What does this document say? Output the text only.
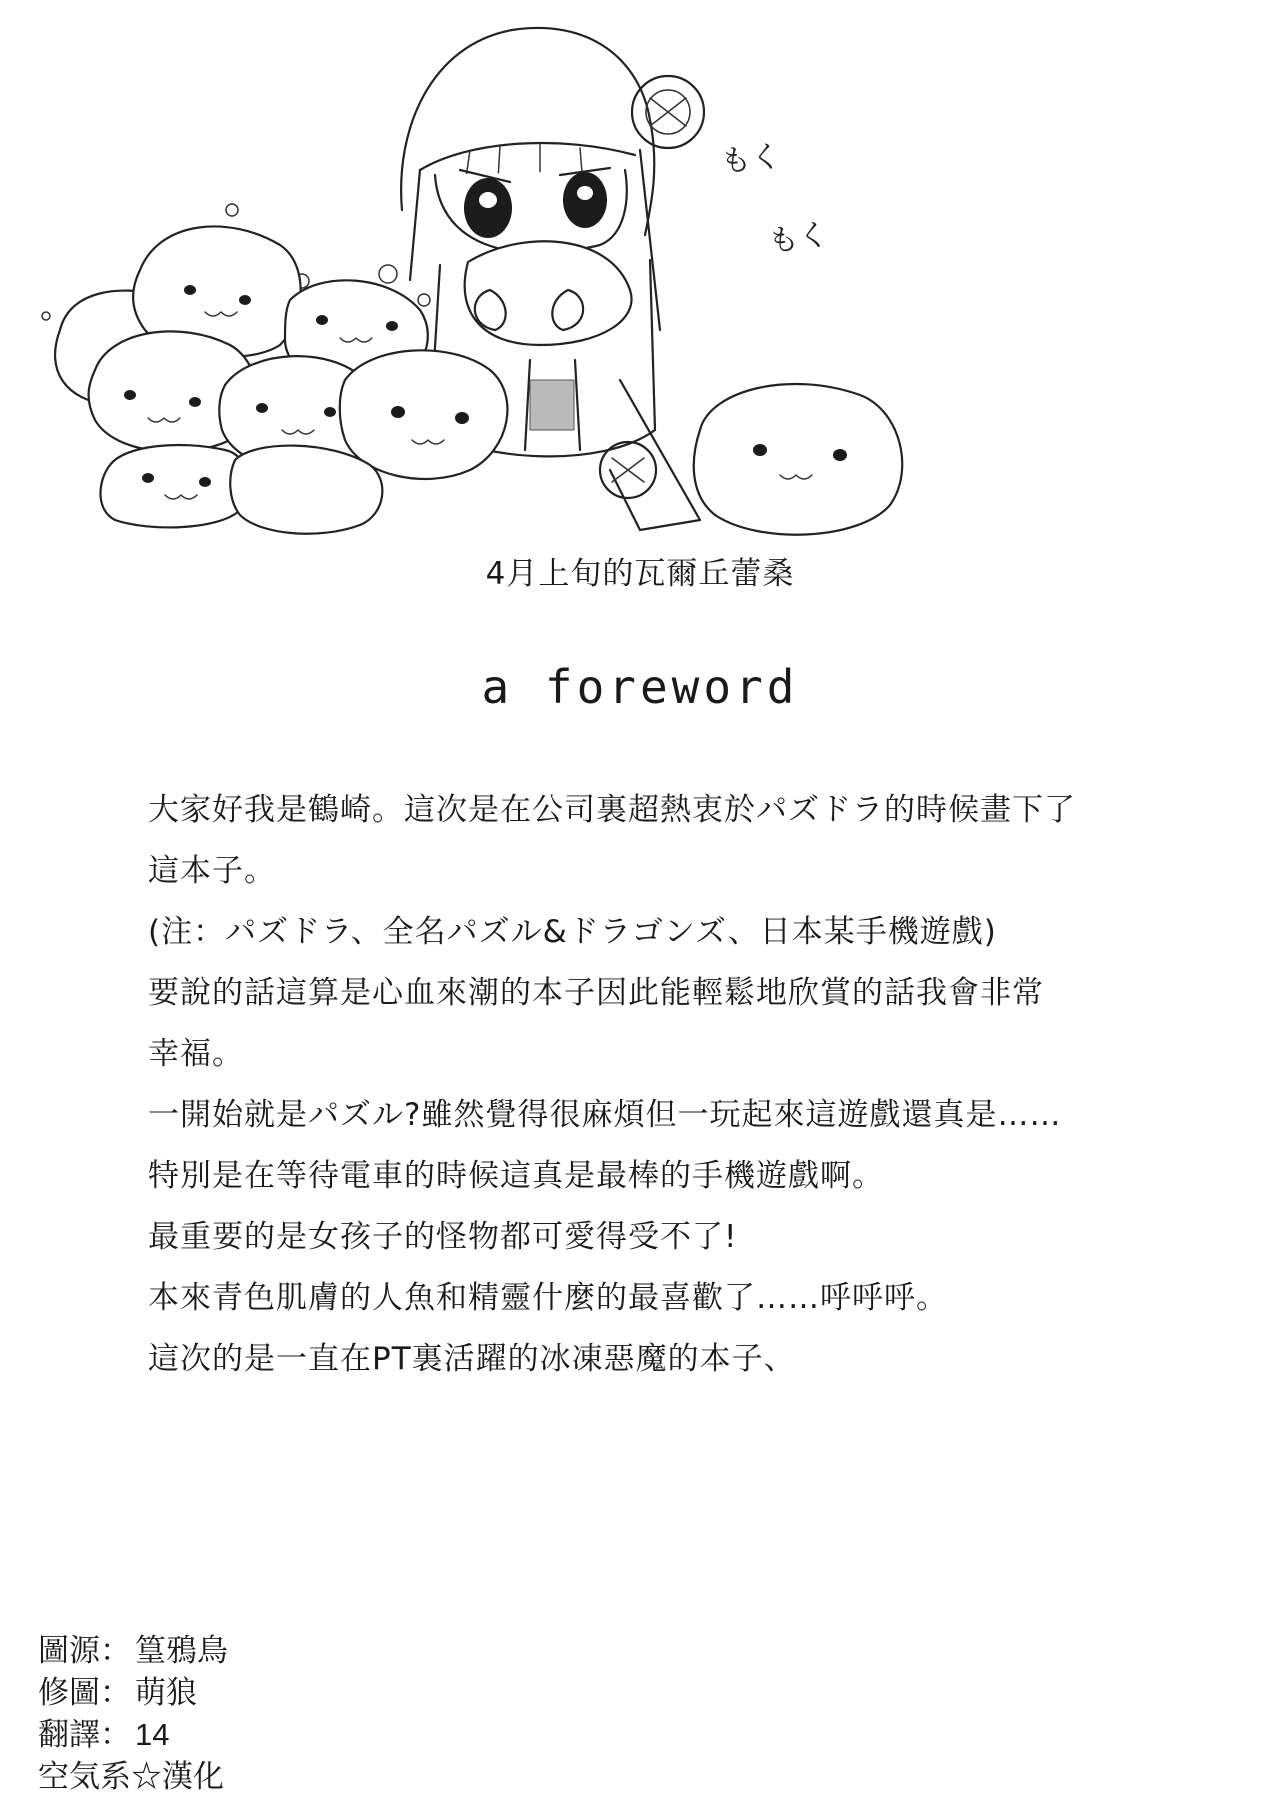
もく
もく
4月上旬的瓦爾丘蕾桑
a foreword
大家好我是鶴崎。這次是在公司裏超熱衷於パズドラ的時候畫下了
這本子。
(注：パズドラ、全名パズル&ドラゴンズ、日本某手機遊戲)
要說的話這算是心血來潮的本子因此能輕鬆地欣賞的話我會非常
幸福。
一開始就是パズル?雖然覺得很麻煩但一玩起來這遊戲還真是……
特別是在等待電車的時候這真是最棒的手機遊戲啊。
最重要的是女孩子的怪物都可愛得受不了!
本來青色肌膚的人魚和精靈什麼的最喜歡了……呼呼呼。
這次的是一直在PT裏活躍的冰凍惡魔的本子、
圖源： 篁鴉鳥
修圖： 萌狼
翻譯： 14
空気系☆漢化
